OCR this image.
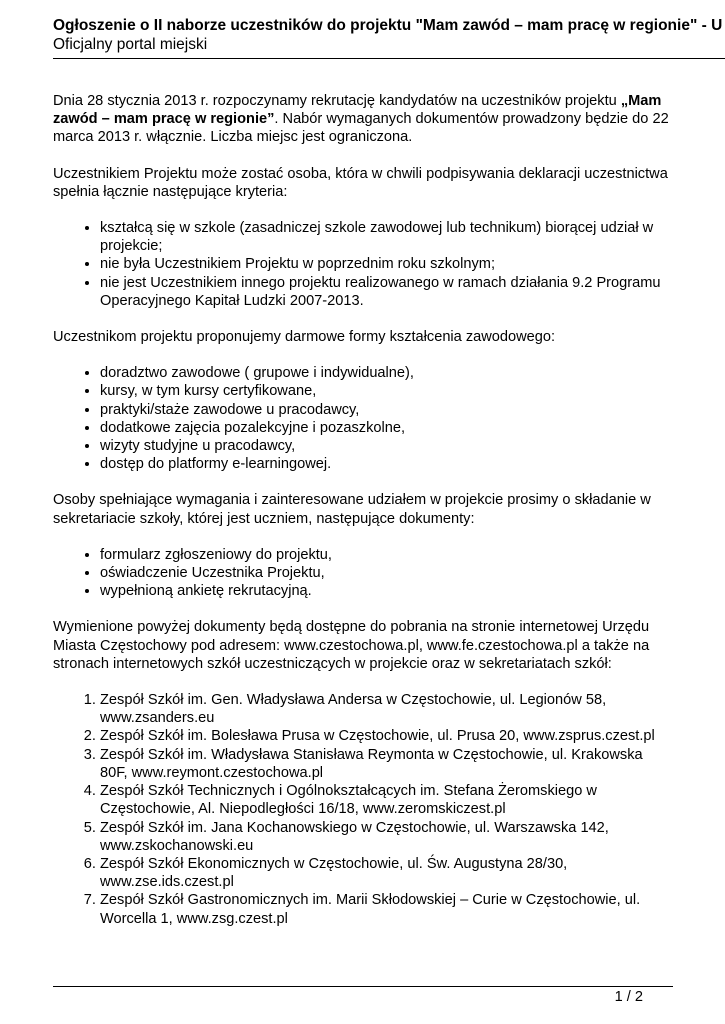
Ogłoszenie o II naborze uczestników do projektu "Mam zawód – mam pracę w regionie" - U
Oficjalny portal miejski

Dnia 28 stycznia 2013 r. rozpoczynamy rekrutację kandydatów na uczestników projektu „Mam zawód – mam pracę w regionie”. Nabór wymaganych dokumentów prowadzony będzie do 22 marca 2013 r. włącznie. Liczba miejsc jest ograniczona.

Uczestnikiem Projektu może zostać osoba, która w chwili podpisywania deklaracji uczestnictwa spełnia łącznie następujące kryteria:

• kształcą się w szkole (zasadniczej szkole zawodowej lub technikum) biorącej udział w projekcie;
• nie była Uczestnikiem Projektu w poprzednim roku szkolnym;
• nie jest Uczestnikiem innego projektu realizowanego w ramach działania 9.2 Programu Operacyjnego Kapitał Ludzki 2007-2013.

Uczestnikom projektu proponujemy darmowe formy kształcenia zawodowego:

• doradztwo zawodowe ( grupowe i indywidualne),
• kursy, w tym kursy certyfikowane,
• praktyki/staże zawodowe u pracodawcy,
• dodatkowe zajęcia pozalekcyjne i pozaszkolne,
• wizyty studyjne u pracodawcy,
• dostęp do platformy e-learningowej.

Osoby spełniające wymagania i zainteresowane udziałem w projekcie prosimy o składanie w sekretariacie szkoły, której jest uczniem, następujące dokumenty:

• formularz zgłoszeniowy do projektu,
• oświadczenie Uczestnika Projektu,
• wypełnioną ankietę rekrutacyjną.

Wymienione powyżej dokumenty będą dostępne do pobrania na stronie internetowej Urzędu Miasta Częstochowy pod adresem: www.czestochowa.pl, www.fe.czestochowa.pl a także na stronach internetowych szkół uczestniczących w projekcie oraz w sekretariatach szkół:

1. Zespół Szkół im. Gen. Władysława Andersa w Częstochowie, ul. Legionów 58, www.zsanders.eu
2. Zespół Szkół im. Bolesława Prusa w Częstochowie, ul. Prusa 20, www.zsprus.czest.pl
3. Zespół Szkół im. Władysława Stanisława Reymonta w Częstochowie, ul. Krakowska 80F, www.reymont.czestochowa.pl
4. Zespół Szkół Technicznych i Ogólnokształcących im. Stefana Żeromskiego w Częstochowie, Al. Niepodległości 16/18, www.zeromskiczest.pl
5. Zespół Szkół im. Jana Kochanowskiego w Częstochowie, ul. Warszawska 142, www.zskochanowski.eu
6. Zespół Szkół Ekonomicznych w Częstochowie, ul. Św. Augustyna 28/30, www.zse.ids.czest.pl
7. Zespół Szkół Gastronomicznych im. Marii Skłodowskiej – Curie w Częstochowie, ul. Worcella 1, www.zsg.czest.pl
1 / 2
